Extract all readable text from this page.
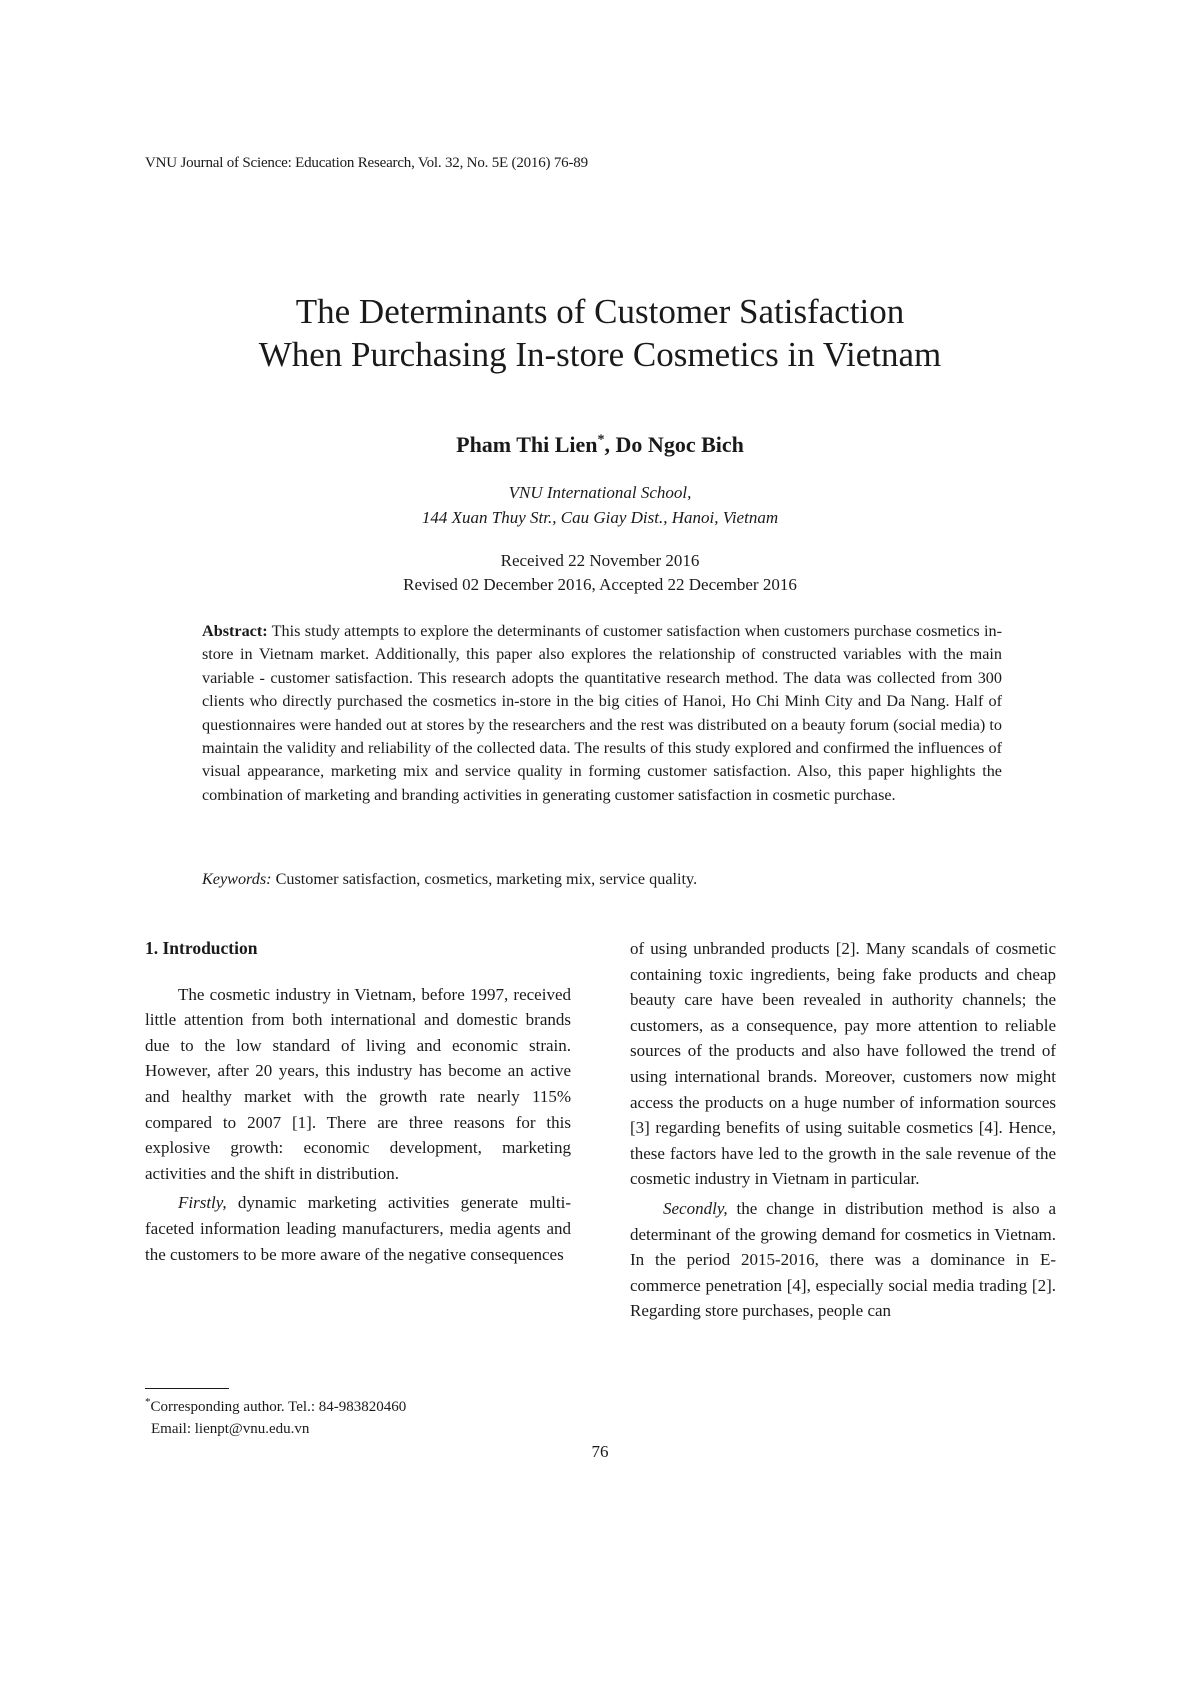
VNU Journal of Science: Education Research, Vol. 32, No. 5E (2016) 76-89
The Determinants of Customer Satisfaction
When Purchasing In-store Cosmetics in Vietnam
Pham Thi Lien*, Do Ngoc Bich
VNU International School,
144 Xuan Thuy Str., Cau Giay Dist., Hanoi, Vietnam
Received 22 November 2016
Revised 02 December 2016, Accepted 22 December 2016
Abstract: This study attempts to explore the determinants of customer satisfaction when customers purchase cosmetics in-store in Vietnam market. Additionally, this paper also explores the relationship of constructed variables with the main variable - customer satisfaction. This research adopts the quantitative research method. The data was collected from 300 clients who directly purchased the cosmetics in-store in the big cities of Hanoi, Ho Chi Minh City and Da Nang. Half of questionnaires were handed out at stores by the researchers and the rest was distributed on a beauty forum (social media) to maintain the validity and reliability of the collected data. The results of this study explored and confirmed the influences of visual appearance, marketing mix and service quality in forming customer satisfaction. Also, this paper highlights the combination of marketing and branding activities in generating customer satisfaction in cosmetic purchase.
Keywords: Customer satisfaction, cosmetics, marketing mix, service quality.
1. Introduction

The cosmetic industry in Vietnam, before 1997, received little attention from both international and domestic brands due to the low standard of living and economic strain. However, after 20 years, this industry has become an active and healthy market with the growth rate nearly 115% compared to 2007 [1]. There are three reasons for this explosive growth: economic development, marketing activities and the shift in distribution.

Firstly, dynamic marketing activities generate multi-faceted information leading manufacturers, media agents and the customers to be more aware of the negative consequences

of using unbranded products [2]. Many scandals of cosmetic containing toxic ingredients, being fake products and cheap beauty care have been revealed in authority channels; the customers, as a consequence, pay more attention to reliable sources of the products and also have followed the trend of using international brands. Moreover, customers now might access the products on a huge number of information sources [3] regarding benefits of using suitable cosmetics [4]. Hence, these factors have led to the growth in the sale revenue of the cosmetic industry in Vietnam in particular.

Secondly, the change in distribution method is also a determinant of the growing demand for cosmetics in Vietnam. In the period 2015-2016, there was a dominance in E-commerce penetration [4], especially social media trading [2]. Regarding store purchases, people can

*Corresponding author. Tel.: 84-983820460
Email: lienpt@vnu.edu.vn
76
